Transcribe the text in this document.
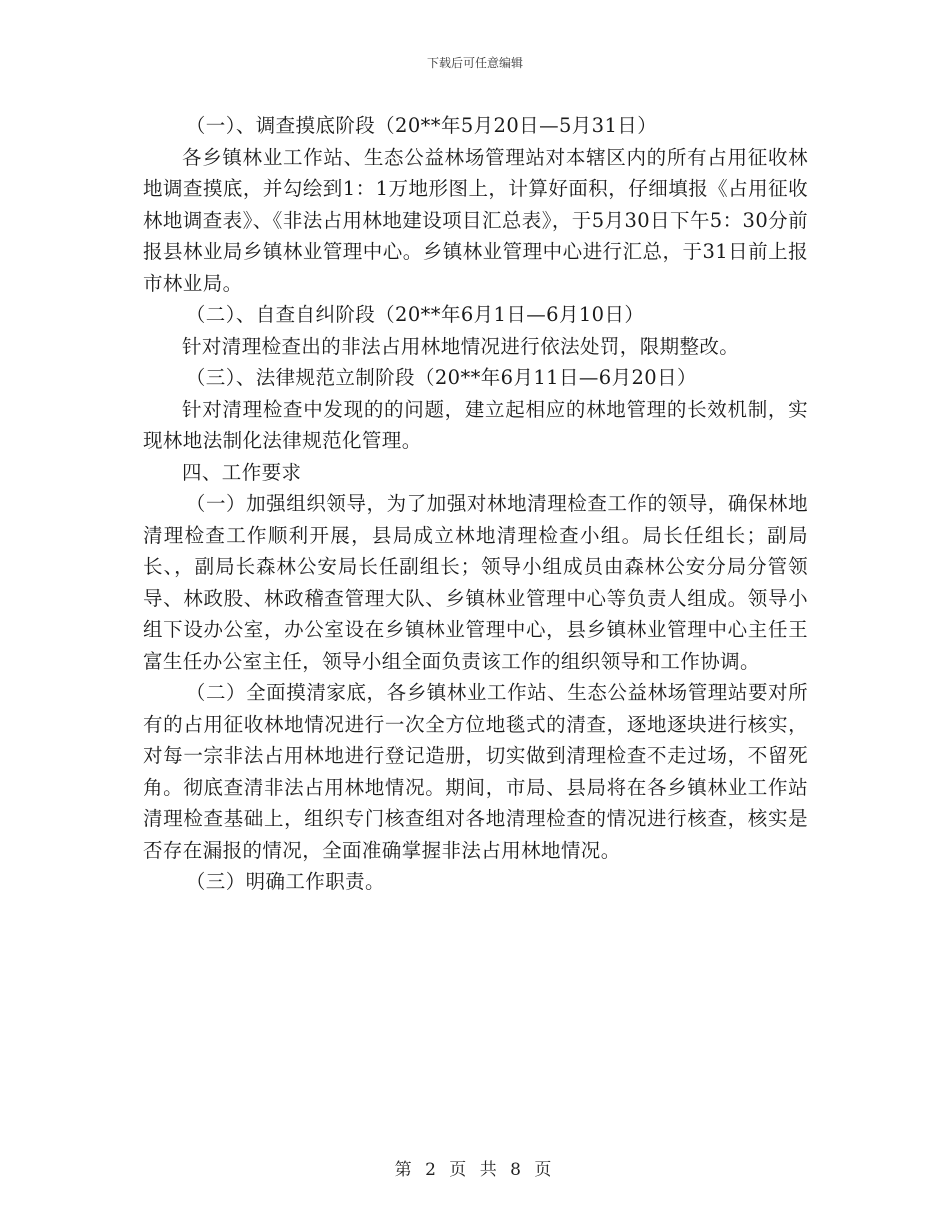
下载后可任意编辑

（一）、调查摸底阶段（20**年5月20日—5月31日）

各乡镇林业工作站、生态公益林场管理站对本辖区内的所有占用征收林地调查摸底，并勾绘到1：1万地形图上，计算好面积，仔细填报《占用征收林地调查表》、《非法占用林地建设项目汇总表》，于5月30日下午5：30分前报县林业局乡镇林业管理中心。乡镇林业管理中心进行汇总，于31日前上报市林业局。

（二）、自查自纠阶段（20**年6月1日—6月10日）

针对清理检查出的非法占用林地情况进行依法处罚，限期整改。

（三）、法律规范立制阶段（20**年6月11日—6月20日）

针对清理检查中发现的的问题，建立起相应的林地管理的长效机制，实现林地法制化法律规范化管理。

四、工作要求

（一）加强组织领导，为了加强对林地清理检查工作的领导，确保林地清理检查工作顺利开展，县局成立林地清理检查小组。局长任组长；副局长、，副局长森林公安局长任副组长；领导小组成员由森林公安分局分管领导、林政股、林政稽查管理大队、乡镇林业管理中心等负责人组成。领导小组下设办公室，办公室设在乡镇林业管理中心，县乡镇林业管理中心主任王富生任办公室主任，领导小组全面负责该工作的组织领导和工作协调。

（二）全面摸清家底，各乡镇林业工作站、生态公益林场管理站要对所有的占用征收林地情况进行一次全方位地毯式的清查，逐地逐块进行核实，对每一宗非法占用林地进行登记造册，切实做到清理检查不走过场，不留死角。彻底查清非法占用林地情况。期间，市局、县局将在各乡镇林业工作站清理检查基础上，组织专门核查组对各地清理检查的情况进行核查，核实是否存在漏报的情况，全面准确掌握非法占用林地情况。

（三）明确工作职责。

第 2 页 共 8 页
